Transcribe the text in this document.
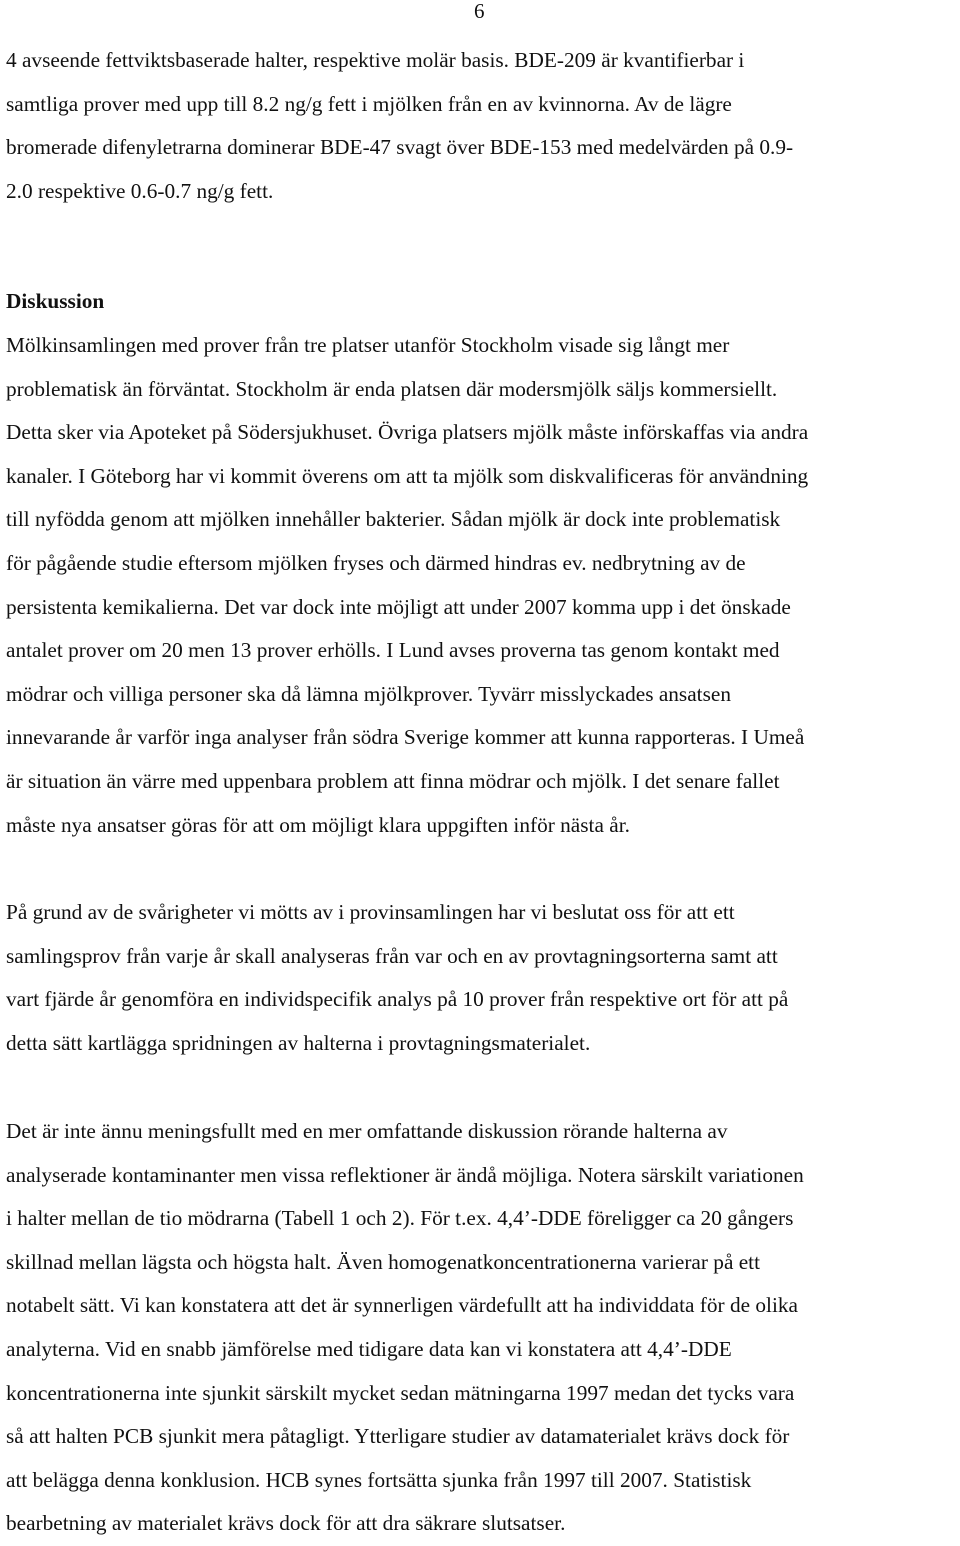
6

4 avseende fettviktsbaserade halter, respektive molär basis. BDE-209 är kvantifierbar i
samtliga prover med upp till 8.2 ng/g fett i mjölken från en av kvinnorna. Av de lägre
bromerade difenyletrarna dominerar BDE-47 svagt över BDE-153 med medelvärden på 0.9-
2.0 respektive 0.6-0.7 ng/g fett.

Diskussion

Mölkinsamlingen med prover från tre platser utanför Stockholm visade sig långt mer
problematisk än förväntat. Stockholm är enda platsen där modersmjölk säljs kommersiellt.
Detta sker via Apoteket på Södersjukhuset. Övriga platsers mjölk måste införskaffas via andra
kanaler. I Göteborg har vi kommit överens om att ta mjölk som diskvalificeras för användning
till nyfödda genom att mjölken innehåller bakterier. Sådan mjölk är dock inte problematisk
för pågående studie eftersom mjölken fryses och därmed hindras ev. nedbrytning av de
persistenta kemikalierna. Det var dock inte möjligt att under 2007 komma upp i det önskade
antalet prover om 20 men 13 prover erhölls. I Lund avses proverna tas genom kontakt med
mödrar och villiga personer ska då lämna mjölkprover. Tyvärr misslyckades ansatsen
innevarande år varför inga analyser från södra Sverige kommer att kunna rapporteras. I Umeå
är situation än värre med uppenbara problem att finna mödrar och mjölk. I det senare fallet
måste nya ansatser göras för att om möjligt klara uppgiften inför nästa år.

På grund av de svårigheter vi mötts av i provinsamlingen har vi beslutat oss för att ett
samlingsprov från varje år skall analyseras från var och en av provtagningsorterna samt att
vart fjärde år genomföra en individspecifik analys på 10 prover från respektive ort för att på
detta sätt kartlägga spridningen av halterna i provtagningsmaterialet.

Det är inte ännu meningsfullt med en mer omfattande diskussion rörande halterna av
analyserade kontaminanter men vissa reflektioner är ändå möjliga. Notera särskilt variationen
i halter mellan de tio mödrarna (Tabell 1 och 2). För t.ex. 4,4’-DDE föreligger ca 20 gångers
skillnad mellan lägsta och högsta halt. Även homogenatkoncentrationerna varierar på ett
notabelt sätt. Vi kan konstatera att det är synnerligen värdefullt att ha individdata för de olika
analyterna. Vid en snabb jämförelse med tidigare data kan vi konstatera att 4,4’-DDE
koncentrationerna inte sjunkit särskilt mycket sedan mätningarna 1997 medan det tycks vara
så att halten PCB sjunkit mera påtagligt. Ytterligare studier av datamaterialet krävs dock för
att belägga denna konklusion. HCB synes fortsätta sjunka från 1997 till 2007. Statistisk
bearbetning av materialet krävs dock för att dra säkrare slutsatser.
